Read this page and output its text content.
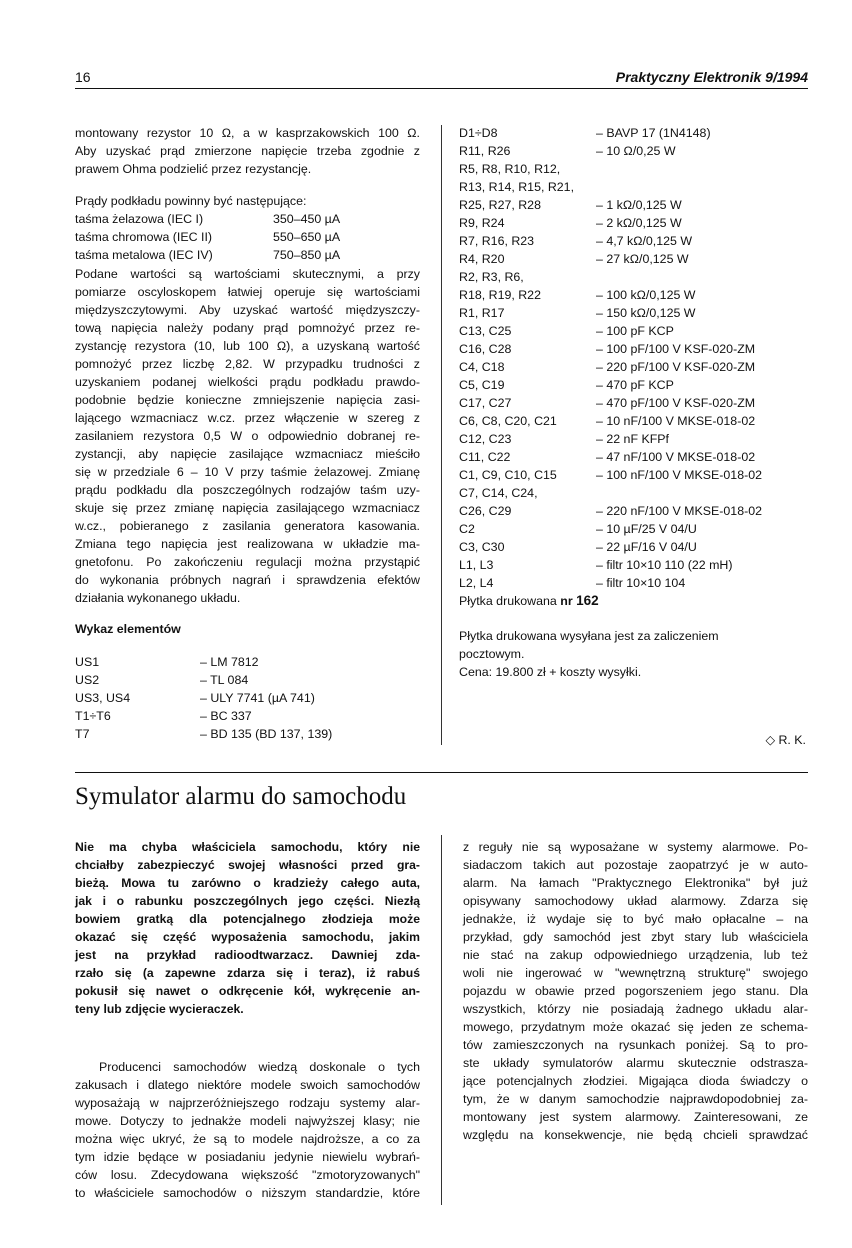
16	Praktyczny Elektronik 9/1994
montowany rezystor 10 Ω, a w kasprzakowskich 100 Ω.
Aby uzyskać prąd zmierzone napięcie trzeba zgodnie z
prawem Ohma podzielić przez rezystancję.
Prądy podkładu powinny być następujące:
taśma żelazowa (IEC I)	350–450 µA
taśma chromowa (IEC II)	550–650 µA
taśma metalowa (IEC IV)	750–850 µA
Podane wartości są wartościami skutecznymi, a przy
pomiarze oscyloskopem łatwiej operuje się wartościami
międzyszczytowymi. Aby uzyskać wartość międzyszczy-
tową napięcia należy podany prąd pomnożyć przez re-
zystancję rezystora (10, lub 100 Ω), a uzyskaną wartość
pomnożyć przez liczbę 2,82. W przypadku trudności z
uzyskaniem podanej wielkości prądu podkładu prawdo-
podobnie będzie konieczne zmniejszenie napięcia zasi-
lającego wzmacniacz w.cz. przez włączenie w szereg z
zasilaniem rezystora 0,5 W o odpowiednio dobranej re-
zystancji, aby napięcie zasilające wzmacniacz mieściło
się w przedziale 6 – 10 V przy taśmie żelazowej. Zmianę
prądu podkładu dla poszczególnych rodzajów taśm uzy-
skuje się przez zmianę napięcia zasilającego wzmacniacz
w.cz., pobieranego z zasilania generatora kasowania.
Zmiana tego napięcia jest realizowana w układzie ma-
gnetofonu. Po zakończeniu regulacji można przystąpić
do wykonania próbnych nagrań i sprawdzenia efektów
działania wykonanego układu.
Wykaz elementów
US1	– LM 7812
US2	– TL 084
US3, US4	– ULY 7741 (µA 741)
T1÷T6	– BC 337
T7	– BD 135 (BD 137, 139)
D1÷D8	– BAVP 17 (1N4148)
R11, R26	– 10 Ω/0,25 W
R5, R8, R10, R12,
R13, R14, R15, R21,
R25, R27, R28	– 1 kΩ/0,125 W
R9, R24	– 2 kΩ/0,125 W
R7, R16, R23	– 4,7 kΩ/0,125 W
R4, R20	– 27 kΩ/0,125 W
R2, R3, R6,
R18, R19, R22	– 100 kΩ/0,125 W
R1, R17	– 150 kΩ/0,125 W
C13, C25	– 100 pF KCP
C16, C28	– 100 pF/100 V KSF-020-ZM
C4, C18	– 220 pF/100 V KSF-020-ZM
C5, C19	– 470 pF KCP
C17, C27	– 470 pF/100 V KSF-020-ZM
C6, C8, C20, C21	– 10 nF/100 V MKSE-018-02
C12, C23	– 22 nF KFPf
C11, C22	– 47 nF/100 V MKSE-018-02
C1, C9, C10, C15	– 100 nF/100 V MKSE-018-02
C7, C14, C24,
C26, C29	– 220 nF/100 V MKSE-018-02
C2	– 10 µF/25 V 04/U
C3, C30	– 22 µF/16 V 04/U
L1, L3	– filtr 10×10 110 (22 mH)
L2, L4	– filtr 10×10 104
Płytka drukowana nr 162
Płytka drukowana wysyłana jest za zaliczeniem
pocztowym.
Cena: 19.800 zł + koszty wysyłki.
◇ R. K.
Symulator alarmu do samochodu
Nie ma chyba właściciela samochodu, który nie
chciałby zabezpieczyć swojej własności przed gra-
bieżą. Mowa tu zarówno o kradzieży całego auta,
jak i o rabunku poszczególnych jego części. Niezłą
bowiem gratką dla potencjalnego złodzieja może
okazać się część wyposażenia samochodu, jakim
jest na przykład radioodtwarzacz. Dawniej zda-
rzało się (a zapewne zdarza się i teraz), iż rabuś
pokusił się nawet o odkręcenie kół, wykręcenie an-
teny lub zdjęcie wycieraczek.
Producenci samochodów wiedzą doskonale o tych
zakusach i dlatego niektóre modele swoich samochodów
wyposażają w najprzeróżniejszego rodzaju systemy alar-
mowe. Dotyczy to jednakże modeli najwyższej klasy; nie
można więc ukryć, że są to modele najdroższe, a co za
tym idzie będące w posiadaniu jedynie niewielu wybrań-
ców losu. Zdecydowana większość "zmotoryzowanych"
to właściciele samochodów o niższym standardzie, które
z reguły nie są wyposażane w systemy alarmowe. Po-
siadaczom takich aut pozostaje zaopatrzyć je w auto-
alarm. Na łamach "Praktycznego Elektronika" był już
opisywany samochodowy układ alarmowy. Zdarza się
jednakże, iż wydaje się to być mało opłacalne – na
przykład, gdy samochód jest zbyt stary lub właściciela
nie stać na zakup odpowiedniego urządzenia, lub też
woli nie ingerować w "wewnętrzną strukturę" swojego
pojazdu w obawie przed pogorszeniem jego stanu. Dla
wszystkich, którzy nie posiadają żadnego układu alar-
mowego, przydatnym może okazać się jeden ze schema-
tów zamieszczonych na rysunkach poniżej. Są to pro-
ste układy symulatorów alarmu skutecznie odstrasza-
jące potencjalnych złodziei. Migająca dioda świadczy o
tym, że w danym samochodzie najprawdopodobniej za-
montowany jest system alarmowy. Zainteresowani, ze
względu na konsekwencje, nie będą chcieli sprawdzać
